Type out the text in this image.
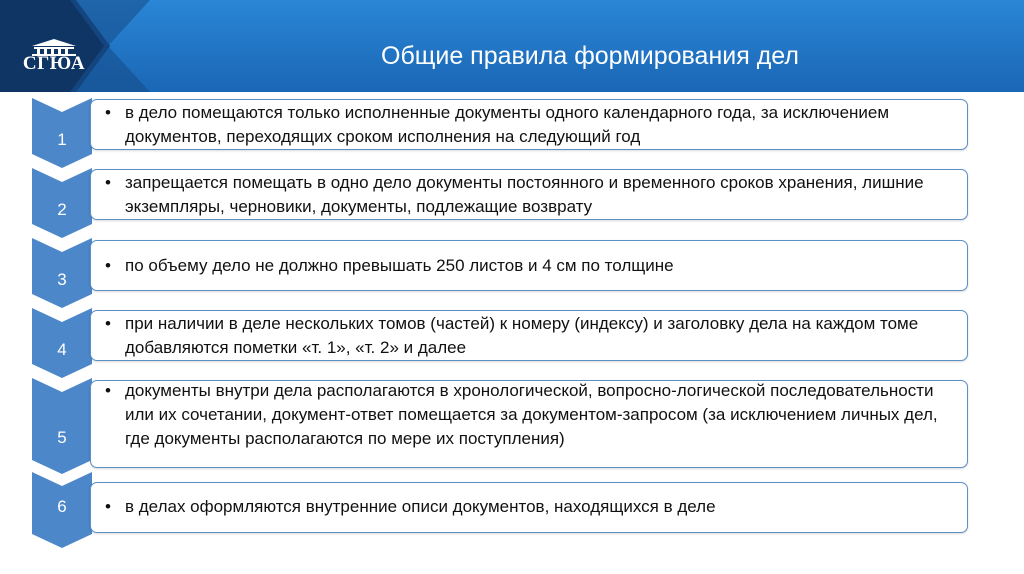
СГЮА	Общие правила формирования дел
1
• в дело помещаются только исполненные документы одного календарного года, за исключением документов, переходящих сроком исполнения на следующий год
2
• запрещается помещать в одно дело документы постоянного и временного сроков хранения, лишние экземпляры, черновики, документы, подлежащие возврату
3
• по объему дело не должно превышать 250 листов и 4 см по толщине
4
• при наличии в деле нескольких томов (частей) к номеру (индексу) и заголовку дела на каждом томе добавляются пометки «т. 1», «т. 2» и далее
5
• документы внутри дела располагаются в хронологической, вопросно-логической последовательности или их сочетании, документ-ответ помещается за документом-запросом (за исключением личных дел, где документы располагаются по мере их поступления)
6	• в делах оформляются внутренние описи документов, находящихся в деле
